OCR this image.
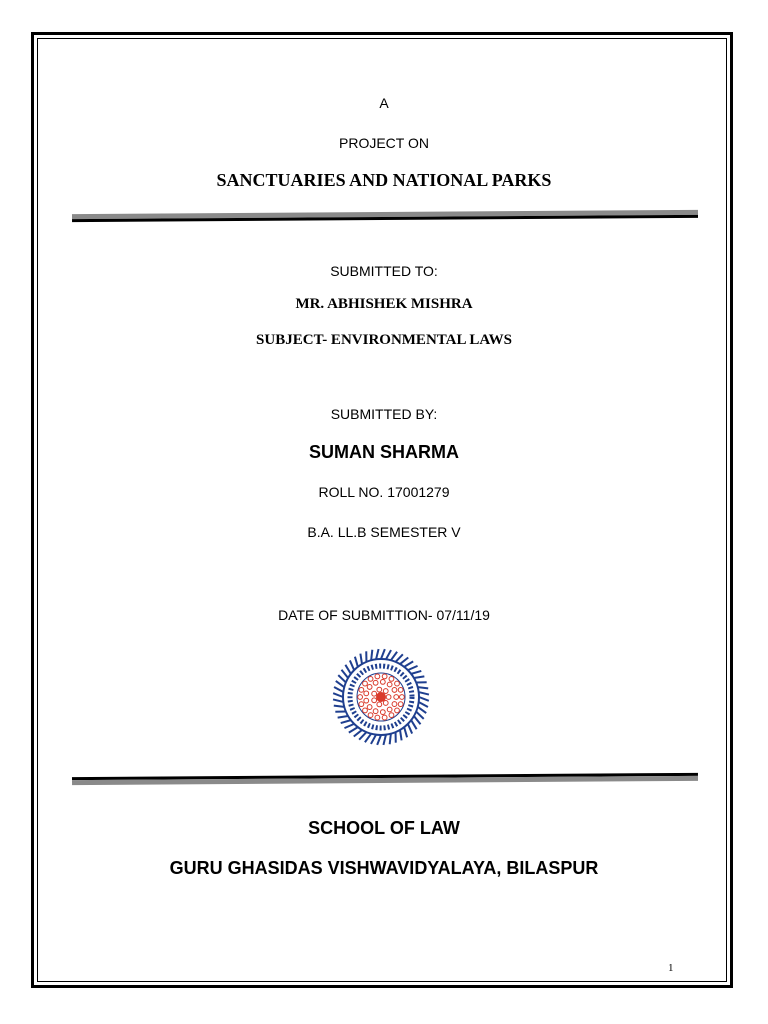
A
PROJECT ON
SANCTUARIES AND NATIONAL PARKS
SUBMITTED TO:
MR. ABHISHEK MISHRA
SUBJECT- ENVIRONMENTAL LAWS
SUBMITTED BY:
SUMAN SHARMA
ROLL NO. 17001279
B.A. LL.B SEMESTER V
DATE OF SUBMITTION- 07/11/19
SCHOOL OF LAW
GURU GHASIDAS VISHWAVIDYALAYA, BILASPUR
1
